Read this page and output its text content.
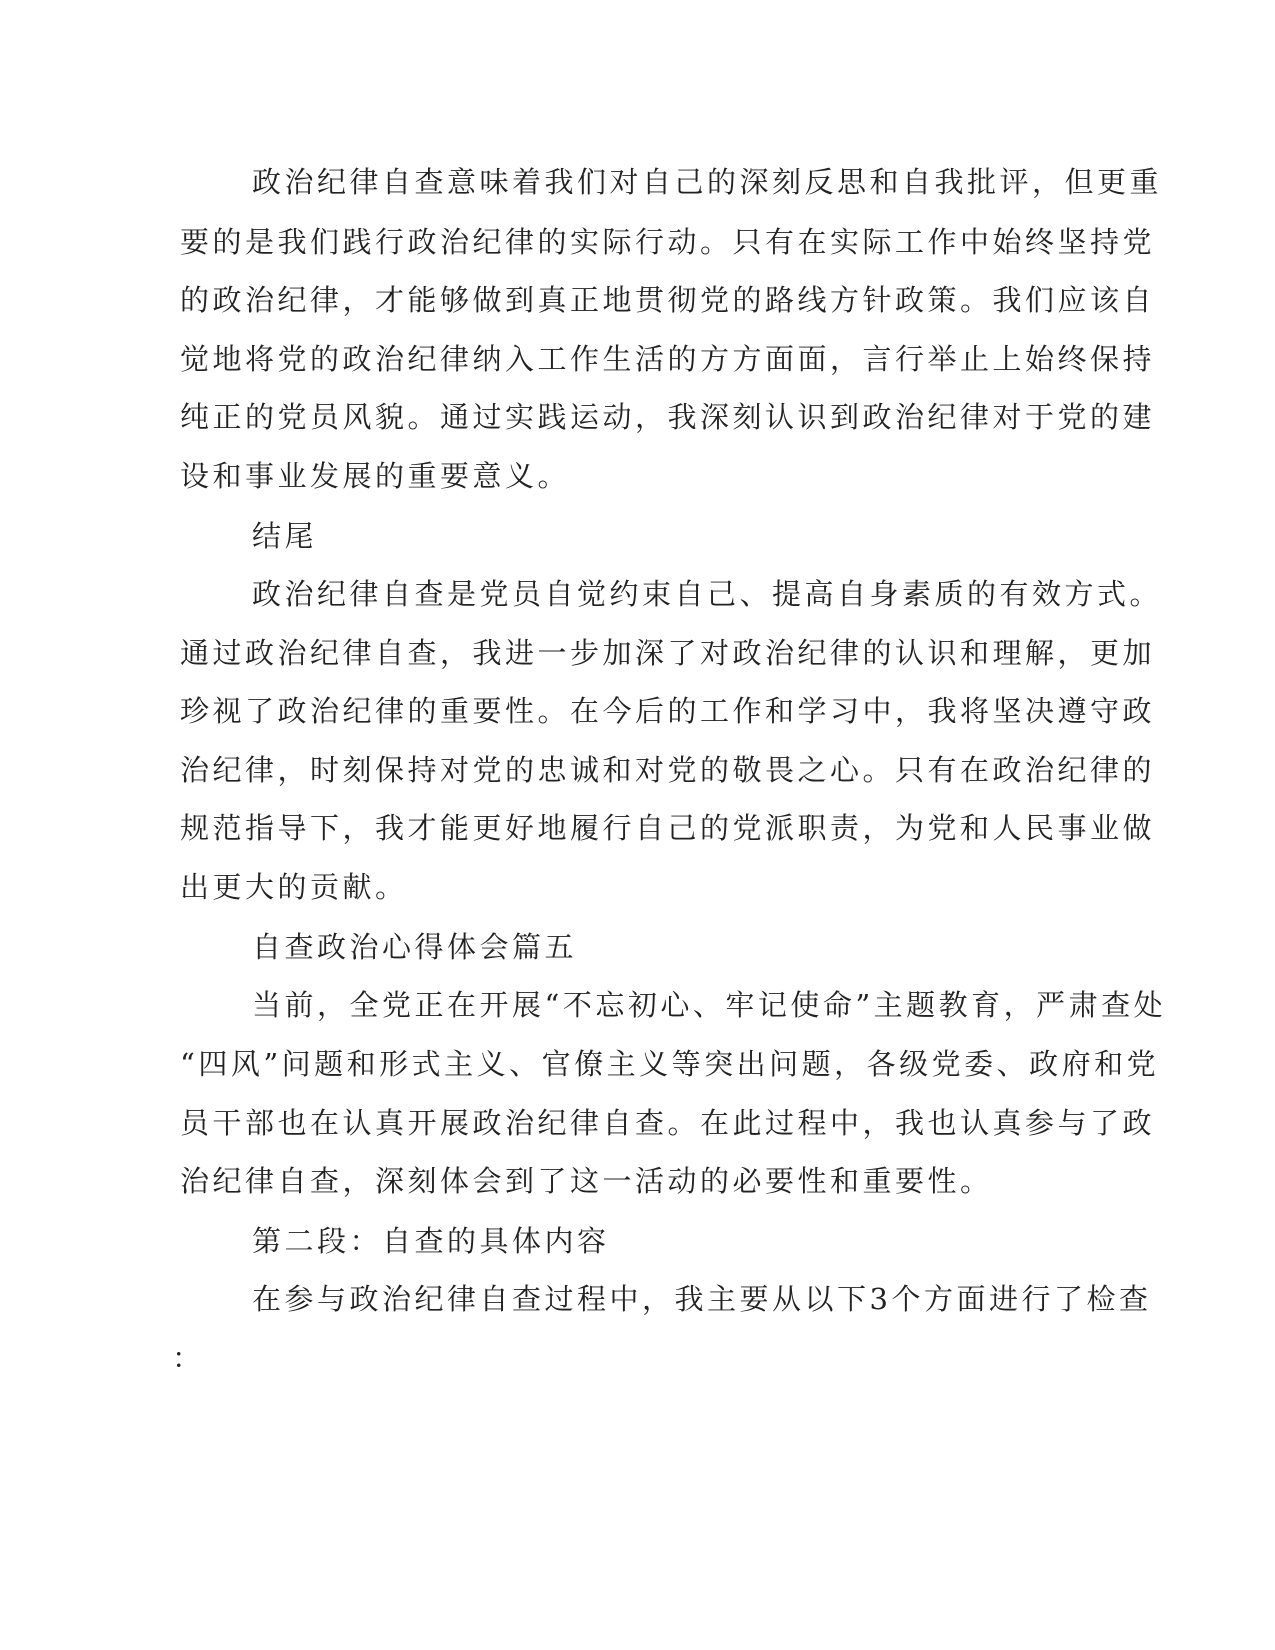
政治纪律自查意味着我们对自己的深刻反思和自我批评，但更重
要的是我们践行政治纪律的实际行动。只有在实际工作中始终坚持党
的政治纪律，才能够做到真正地贯彻党的路线方针政策。我们应该自
觉地将党的政治纪律纳入工作生活的方方面面，言行举止上始终保持
纯正的党员风貌。通过实践运动，我深刻认识到政治纪律对于党的建
设和事业发展的重要意义。
结尾
政治纪律自查是党员自觉约束自己、提高自身素质的有效方式。
通过政治纪律自查，我进一步加深了对政治纪律的认识和理解，更加
珍视了政治纪律的重要性。在今后的工作和学习中，我将坚决遵守政
治纪律，时刻保持对党的忠诚和对党的敬畏之心。只有在政治纪律的
规范指导下，我才能更好地履行自己的党派职责，为党和人民事业做
出更大的贡献。
自查政治心得体会篇五
当前，全党正在开展“不忘初心、牢记使命”主题教育，严肃查处
“四风”问题和形式主义、官僚主义等突出问题，各级党委、政府和党
员干部也在认真开展政治纪律自查。在此过程中，我也认真参与了政
治纪律自查，深刻体会到了这一活动的必要性和重要性。
第二段：自查的具体内容
在参与政治纪律自查过程中，我主要从以下3个方面进行了检查
：
